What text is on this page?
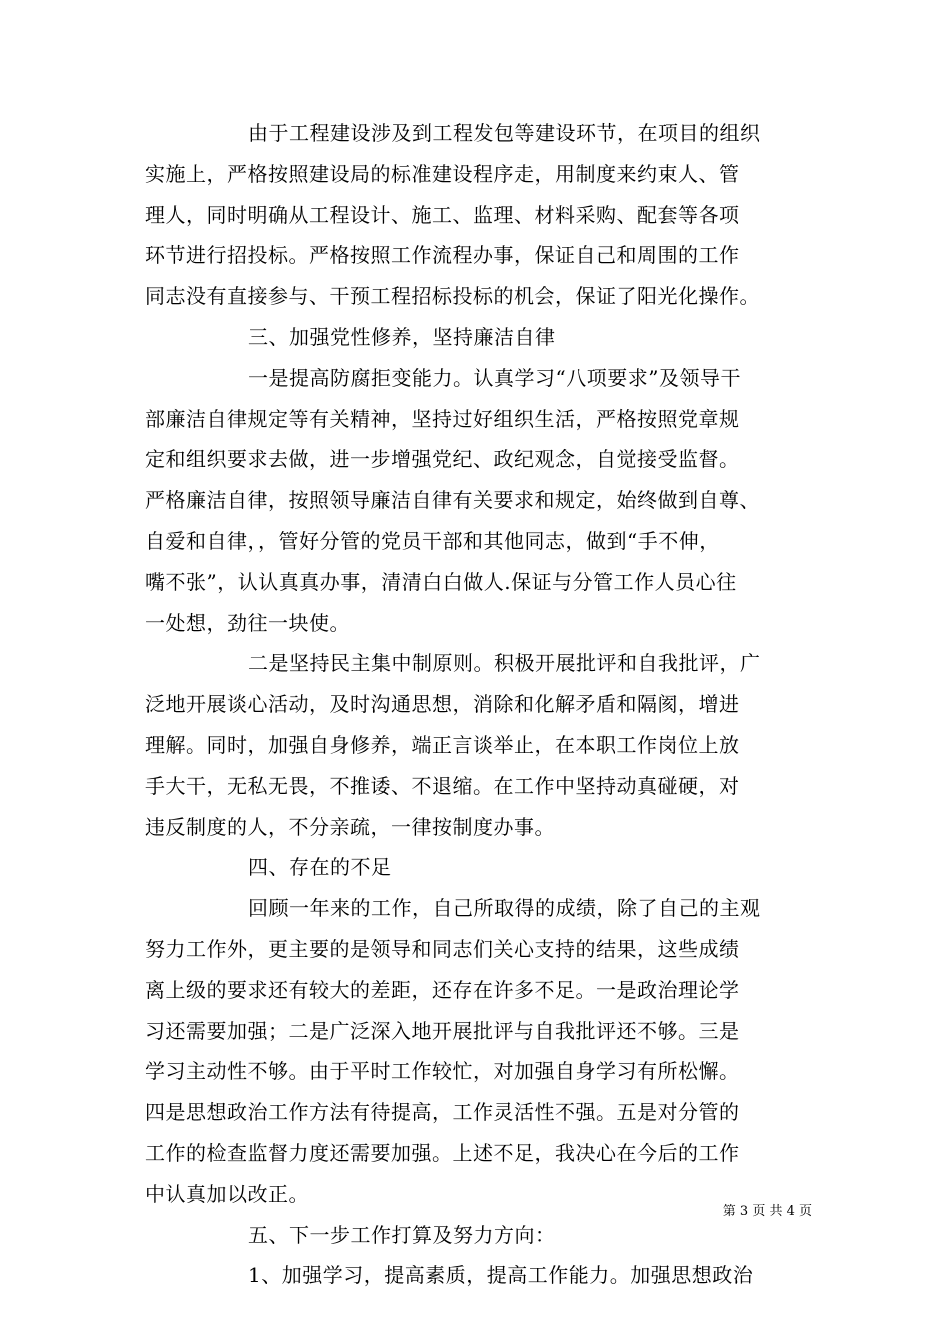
由于工程建设涉及到工程发包等建设环节，在项目的组织
实施上，严格按照建设局的标准建设程序走，用制度来约束人、管
理人，同时明确从工程设计、施工、监理、材料采购、配套等各项
环节进行招投标。严格按照工作流程办事，保证自己和周围的工作
同志没有直接参与、干预工程招标投标的机会，保证了阳光化操作。
三、加强党性修养，坚持廉洁自律
一是提高防腐拒变能力。认真学习“八项要求”及领导干
部廉洁自律规定等有关精神，坚持过好组织生活，严格按照党章规
定和组织要求去做，进一步增强党纪、政纪观念，自觉接受监督。
严格廉洁自律，按照领导廉洁自律有关要求和规定，始终做到自尊、
自爱和自律，，管好分管的党员干部和其他同志，做到“手不伸，
嘴不张”，认认真真办事，清清白白做人.保证与分管工作人员心往
一处想，劲往一块使。
二是坚持民主集中制原则。积极开展批评和自我批评，广
泛地开展谈心活动，及时沟通思想，消除和化解矛盾和隔阂，增进
理解。同时，加强自身修养，端正言谈举止，在本职工作岗位上放
手大干，无私无畏，不推诿、不退缩。在工作中坚持动真碰硬，对
违反制度的人，不分亲疏，一律按制度办事。
四、存在的不足
回顾一年来的工作，自己所取得的成绩，除了自己的主观
努力工作外，更主要的是领导和同志们关心支持的结果，这些成绩
离上级的要求还有较大的差距，还存在许多不足。一是政治理论学
习还需要加强；二是广泛深入地开展批评与自我批评还不够。三是
学习主动性不够。由于平时工作较忙，对加强自身学习有所松懈。
四是思想政治工作方法有待提高，工作灵活性不强。五是对分管的
工作的检查监督力度还需要加强。上述不足，我决心在今后的工作
中认真加以改正。
五、下一步工作打算及努力方向：
1、加强学习，提高素质，提高工作能力。加强思想政治
第 3 页 共 4 页
